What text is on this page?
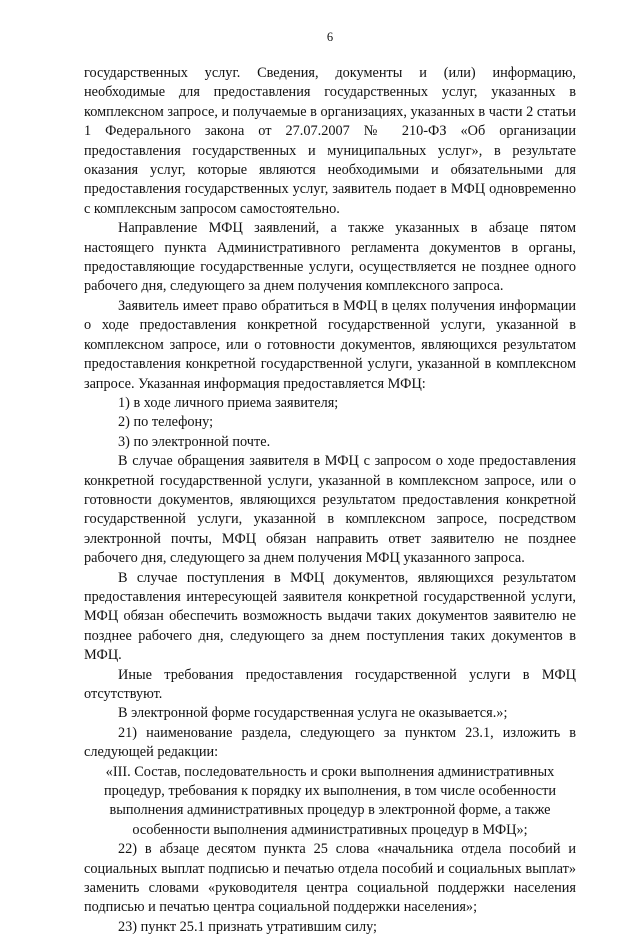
6

государственных услуг. Сведения, документы и (или) информацию, необходимые для предоставления государственных услуг, указанных в комплексном запросе, и получаемые в организациях, указанных в части 2 статьи 1 Федерального закона от 27.07.2007 № 210-ФЗ «Об организации предоставления государственных и муниципальных услуг», в результате оказания услуг, которые являются необходимыми и обязательными для предоставления государственных услуг, заявитель подает в МФЦ одновременно с комплексным запросом самостоятельно.

Направление МФЦ заявлений, а также указанных в абзаце пятом настоящего пункта Административного регламента документов в органы, предоставляющие государственные услуги, осуществляется не позднее одного рабочего дня, следующего за днем получения комплексного запроса.

Заявитель имеет право обратиться в МФЦ в целях получения информации о ходе предоставления конкретной государственной услуги, указанной в комплексном запросе, или о готовности документов, являющихся результатом предоставления конкретной государственной услуги, указанной в комплексном запросе. Указанная информация предоставляется МФЦ:

1) в ходе личного приема заявителя;

2) по телефону;

3) по электронной почте.

В случае обращения заявителя в МФЦ с запросом о ходе предоставления конкретной государственной услуги, указанной в комплексном запросе, или о готовности документов, являющихся результатом предоставления конкретной государственной услуги, указанной в комплексном запросе, посредством электронной почты, МФЦ обязан направить ответ заявителю не позднее рабочего дня, следующего за днем получения МФЦ указанного запроса.

В случае поступления в МФЦ документов, являющихся результатом предоставления интересующей заявителя конкретной государственной услуги, МФЦ обязан обеспечить возможность выдачи таких документов заявителю не позднее рабочего дня, следующего за днем поступления таких документов в МФЦ.

Иные требования предоставления государственной услуги в МФЦ отсутствуют.

В электронной форме государственная услуга не оказывается.»;

21) наименование раздела, следующего за пунктом 23.1, изложить в следующей редакции:

«III. Состав, последовательность и сроки выполнения административных процедур, требования к порядку их выполнения, в том числе особенности выполнения административных процедур в электронной форме, а также особенности выполнения административных процедур в МФЦ»;

22) в абзаце десятом пункта 25 слова «начальника отдела пособий и социальных выплат подписью и печатью отдела пособий и социальных выплат» заменить словами «руководителя центра социальной поддержки населения подписью и печатью центра социальной поддержки населения»;

23) пункт 25.1 признать утратившим силу;
